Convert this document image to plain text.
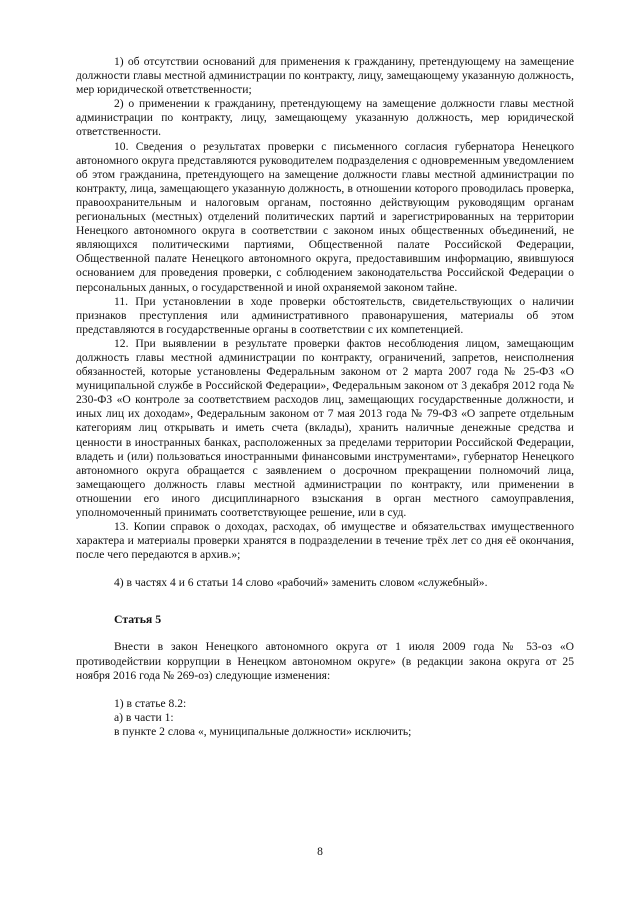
1) об отсутствии оснований для применения к гражданину, претендующему на замещение должности главы местной администрации по контракту, лицу, замещающему указанную должность, мер юридической ответственности;

2) о применении к гражданину, претендующему на замещение должности главы местной администрации по контракту, лицу, замещающему указанную должность, мер юридической ответственности.

10. Сведения о результатах проверки с письменного согласия губернатора Ненецкого автономного округа представляются руководителем подразделения с одновременным уведомлением об этом гражданина, претендующего на замещение должности главы местной администрации по контракту, лица, замещающего указанную должность, в отношении которого проводилась проверка, правоохранительным и налоговым органам, постоянно действующим руководящим органам региональных (местных) отделений политических партий и зарегистрированных на территории Ненецкого автономного округа в соответствии с законом иных общественных объединений, не являющихся политическими партиями, Общественной палате Российской Федерации, Общественной палате Ненецкого автономного округа, предоставившим информацию, явившуюся основанием для проведения проверки, с соблюдением законодательства Российской Федерации о персональных данных, о государственной и иной охраняемой законом тайне.

11. При установлении в ходе проверки обстоятельств, свидетельствующих о наличии признаков преступления или административного правонарушения, материалы об этом представляются в государственные органы в соответствии с их компетенцией.

12. При выявлении в результате проверки фактов несоблюдения лицом, замещающим должность главы местной администрации по контракту, ограничений, запретов, неисполнения обязанностей, которые установлены Федеральным законом от 2 марта 2007 года № 25-ФЗ «О муниципальной службе в Российской Федерации», Федеральным законом от 3 декабря 2012 года № 230-ФЗ «О контроле за соответствием расходов лиц, замещающих государственные должности, и иных лиц их доходам», Федеральным законом от 7 мая 2013 года № 79-ФЗ «О запрете отдельным категориям лиц открывать и иметь счета (вклады), хранить наличные денежные средства и ценности в иностранных банках, расположенных за пределами территории Российской Федерации, владеть и (или) пользоваться иностранными финансовыми инструментами», губернатор Ненецкого автономного округа обращается с заявлением о досрочном прекращении полномочий лица, замещающего должность главы местной администрации по контракту, или применении в отношении его иного дисциплинарного взыскания в орган местного самоуправления, уполномоченный принимать соответствующее решение, или в суд.

13. Копии справок о доходах, расходах, об имуществе и обязательствах имущественного характера и материалы проверки хранятся в подразделении в течение трёх лет со дня её окончания, после чего передаются в архив.»;

4) в частях 4 и 6 статьи 14 слово «рабочий» заменить словом «служебный».

Статья 5

Внести в закон Ненецкого автономного округа от 1 июля 2009 года № 53-оз «О противодействии коррупции в Ненецком автономном округе» (в редакции закона округа от 25 ноября 2016 года № 269-оз) следующие изменения:

1) в статье 8.2:

а) в части 1:

в пункте 2 слова «, муниципальные должности» исключить;

8
